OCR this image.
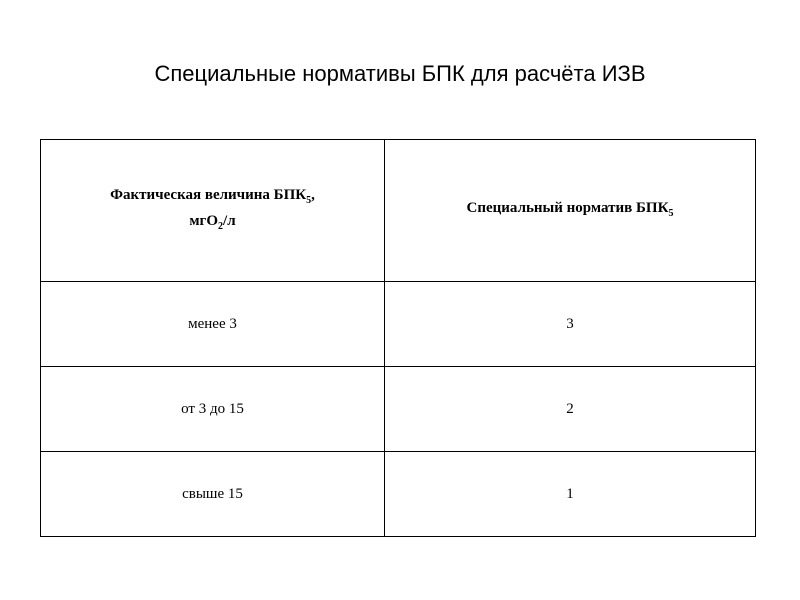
Специальные нормативы БПК для расчёта ИЗВ
Фактическая величина $БПК_5$,
мгО$_2$/л	Специальный норматив $БПК_5$
менее 3	3
от 3 до 15	2
свыше 15	1
